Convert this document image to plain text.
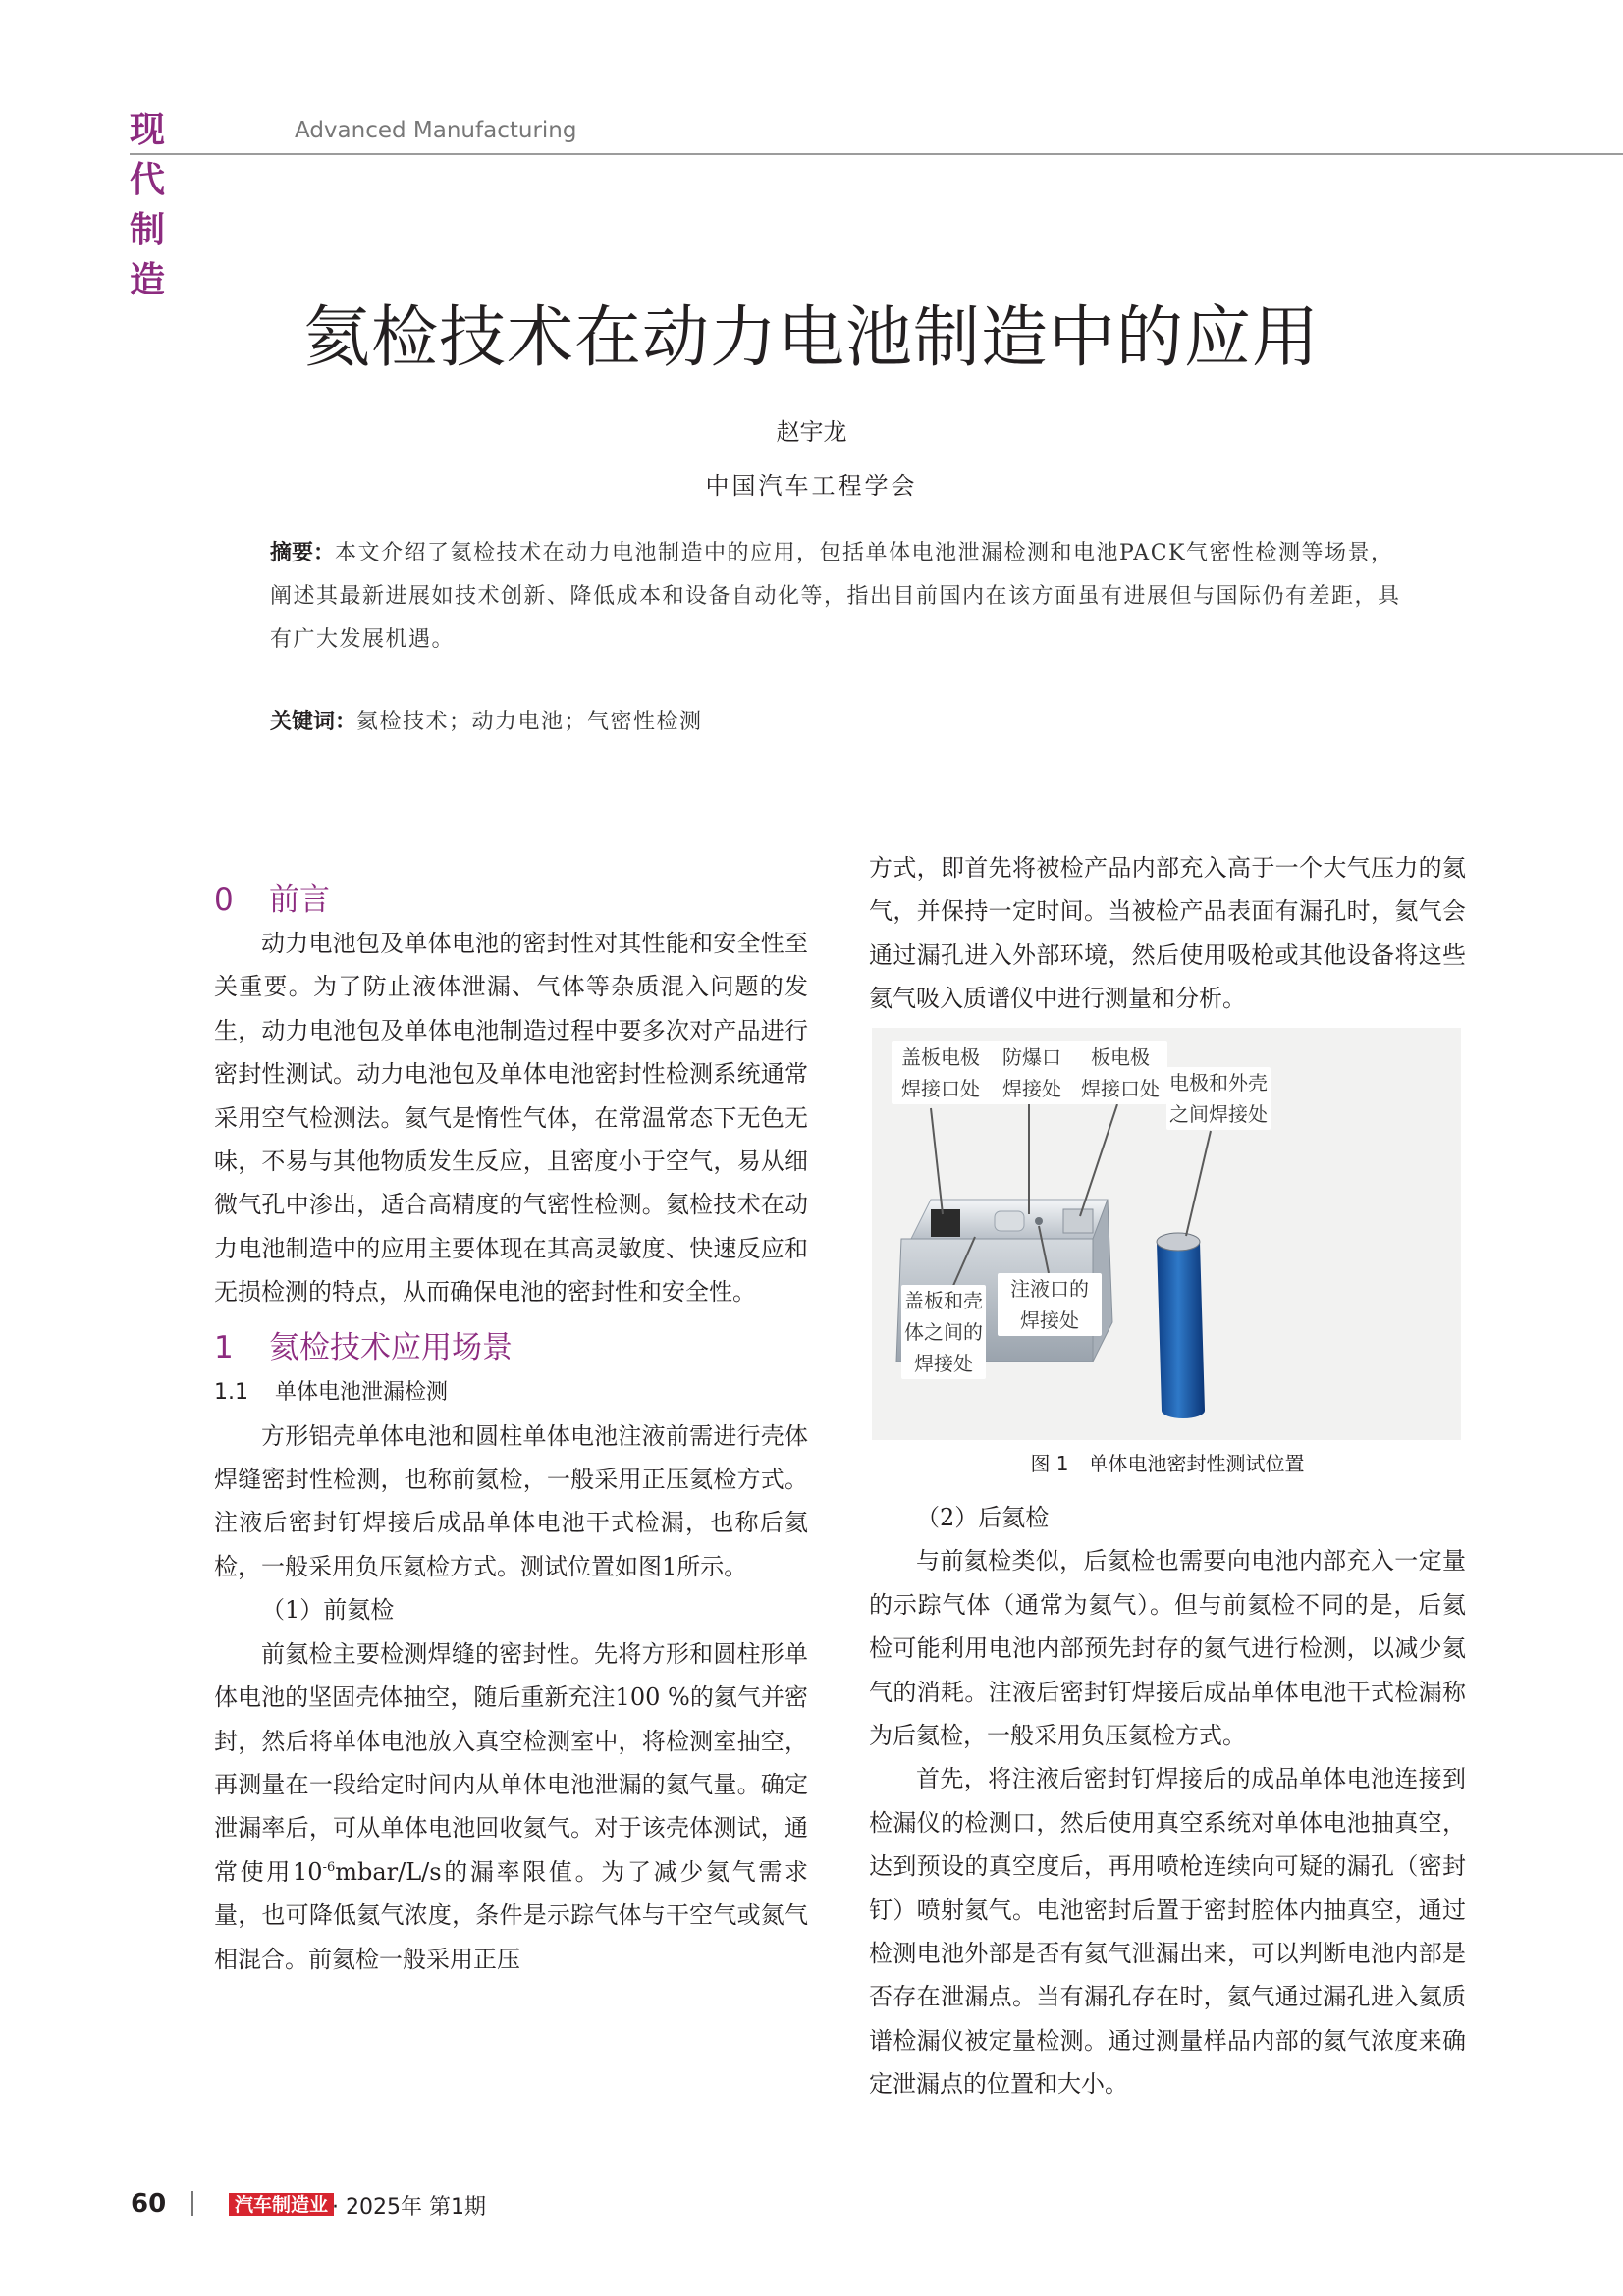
现代制造
Advanced Manufacturing
氦检技术在动力电池制造中的应用
赵宇龙
中国汽车工程学会
摘要：本文介绍了氦检技术在动力电池制造中的应用，包括单体电池泄漏检测和电池PACK气密性检测等场景，阐述其最新进展如技术创新、降低成本和设备自动化等，指出目前国内在该方面虽有进展但与国际仍有差距，具有广大发展机遇。
关键词：氦检技术；动力电池；气密性检测

0 前言

动力电池包及单体电池的密封性对其性能和安全性至关重要。为了防止液体泄漏、气体等杂质混入问题的发生，动力电池包及单体电池制造过程中要多次对产品进行密封性测试。动力电池包及单体电池密封性检测系统通常采用空气检测法。氦气是惰性气体，在常温常态下无色无味，不易与其他物质发生反应，且密度小于空气，易从细微气孔中渗出，适合高精度的气密性检测。氦检技术在动力电池制造中的应用主要体现在其高灵敏度、快速反应和无损检测的特点，从而确保电池的密封性和安全性。

1 氦检技术应用场景

1.1 单体电池泄漏检测

方形铝壳单体电池和圆柱单体电池注液前需进行壳体焊缝密封性检测，也称前氦检，一般采用正压氦检方式。注液后密封钉焊接后成品单体电池干式检漏，也称后氦检，一般采用负压氦检方式。测试位置如图1所示。

（1）前氦检

前氦检主要检测焊缝的密封性。先将方形和圆柱形单体电池的坚固壳体抽空，随后重新充注100 %的氦气并密封，然后将单体电池放入真空检测室中，将检测室抽空，再测量在一段给定时间内从单体电池泄漏的氦气量。确定泄漏率后，可从单体电池回收氦气。对于该壳体测试，通常使用$10^{-6}mbar/L/s$的漏率限值。为了减少氦气需求量，也可降低氦气浓度，条件是示踪气体与干空气或氮气相混合。前氦检一般采用正压

方式，即首先将被检产品内部充入高于一个大气压力的氦气，并保持一定时间。当被检产品表面有漏孔时，氦气会通过漏孔进入外部环境，然后使用吸枪或其他设备将这些氦气吸入质谱仪中进行测量和分析。

盖板电极
焊接口处
防爆口
焊接处
板电极
焊接口处 电极和外壳
之间焊接处
盖板和壳
体之间的
焊接处
注液口的
焊接处
图 1　单体电池密封性测试位置

（2）后氦检

与前氦检类似，后氦检也需要向电池内部充入一定量的示踪气体（通常为氦气）。但与前氦检不同的是，后氦检可能利用电池内部预先封存的氦气进行检测，以减少氦气的消耗。注液后密封钉焊接后成品单体电池干式检漏称为后氦检，一般采用负压氦检方式。

首先，将注液后密封钉焊接后的成品单体电池连接到检漏仪的检测口，然后使用真空系统对单体电池抽真空，达到预设的真空度后，再用喷枪连续向可疑的漏孔（密封钉）喷射氦气。电池密封后置于密封腔体内抽真空，通过检测电池外部是否有氦气泄漏出来，可以判断电池内部是否存在泄漏点。当有漏孔存在时，氦气通过漏孔进入氦质谱检漏仪被定量检测。通过测量样品内部的氦气浓度来确定泄漏点的位置和大小。

60	汽车制造业 · 2025年 第1期
